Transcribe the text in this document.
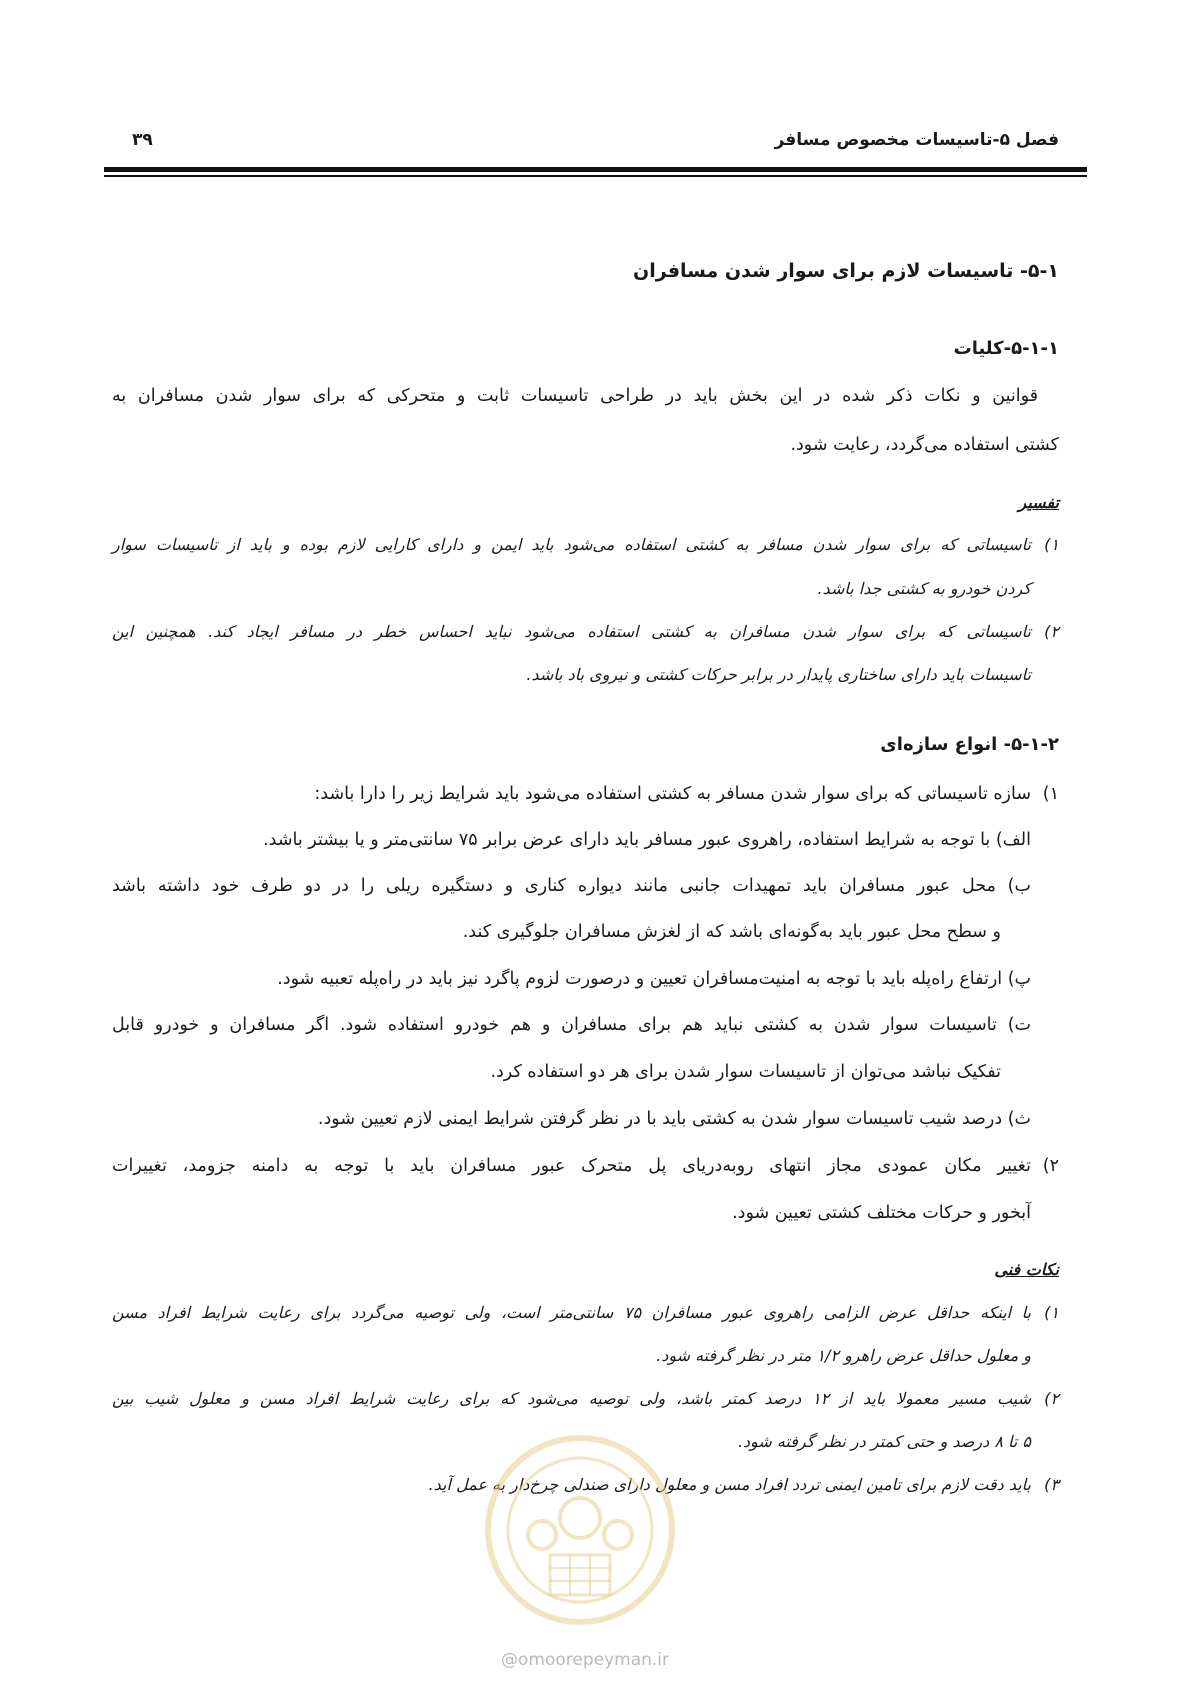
فصل ۵-تاسیسات مخصوص مسافر
۳۹
۵-۱- تاسیسات لازم برای سوار شدن مسافران
۵-۱-۱-کلیات
قوانین و نکات ذکر شده در این بخش باید در طراحی تاسیسات ثابت و متحرکی که برای سوار شدن مسافران به
کشتی استفاده می‌گردد، رعایت شود.
تفسیر
۱)
تاسیساتی که برای سوار شدن مسافر به کشتی استفاده می‌شود باید ایمن و دارای کارایی لازم بوده و باید از تاسیسات سوار
کردن خودرو به کشتی جدا باشد.
۲)
تاسیساتی که برای سوار شدن مسافران به کشتی استفاده می‌شود نباید احساس خطر در مسافر ایجاد کند. همچنین این
تاسیسات باید دارای ساختاری پایدار در برابر حرکات کشتی و نیروی باد باشد.
۵-۱-۲- انواع سازه‌ای
۱)
سازه تاسیساتی که برای سوار شدن مسافر به کشتی استفاده می‌شود باید شرایط زیر را دارا باشد:
الف) با توجه به شرایط استفاده، راهروی عبور مسافر باید دارای عرض برابر ۷۵ سانتی‌متر و یا بیشتر باشد.
ب) محل عبور مسافران باید تمهیدات جانبی مانند دیواره کناری و دستگیره ریلی را در دو طرف خود داشته باشد
و سطح محل عبور باید به‌گونه‌ای باشد که از لغزش مسافران جلوگیری کند.
پ) ارتفاع راه‌پله باید با توجه به امنیت‌مسافران تعیین و درصورت لزوم پاگرد نیز باید در راه‌پله تعبیه شود.
ت) تاسیسات سوار شدن به کشتی نباید هم برای مسافران و هم خودرو استفاده شود. اگر مسافران و خودرو قابل
تفکیک نباشد می‌توان از تاسیسات سوار شدن برای هر دو استفاده کرد.
ث) درصد شیب تاسیسات سوار شدن به کشتی باید با در نظر گرفتن شرایط ایمنی لازم تعیین شود.
۲)
تغییر مکان عمودی مجاز انتهای روبه‌دریای پل متحرک عبور مسافران باید با توجه به دامنه جزومد، تغییرات
آبخور و حرکات مختلف کشتی تعیین شود.
نکات فنی
۱)
با اینکه حداقل عرض الزامی راهروی عبور مسافران ۷۵ سانتی‌متر است، ولی توصیه می‌گردد برای رعایت شرایط افراد مسن
و معلول حداقل عرض راهرو ۱/۲ متر در نظر گرفته شود.
۲)
شیب مسیر معمولا باید از ۱۲ درصد کمتر باشد، ولی توصیه می‌شود که برای رعایت شرایط افراد مسن و معلول شیب بین
۵ تا ۸ درصد و حتی کمتر در نظر گرفته شود.
۳)
باید دقت لازم برای تامین ایمنی تردد افراد مسن و معلول دارای صندلی چرخ‌دار به عمل آید.
@omoorepeyman.ir
